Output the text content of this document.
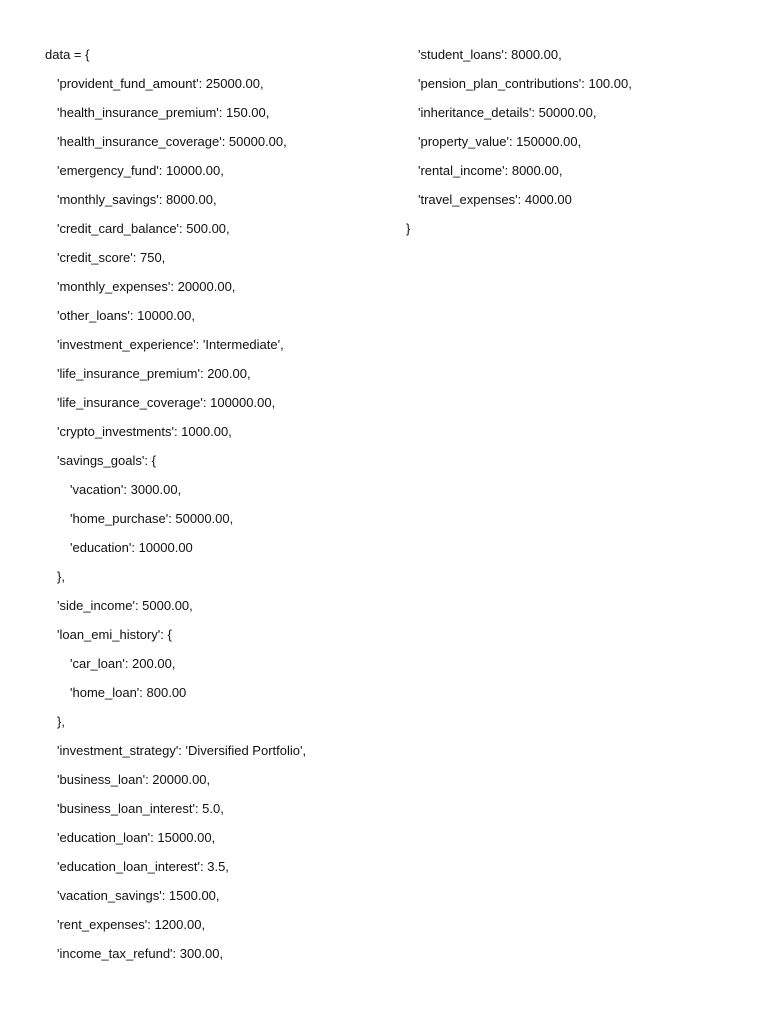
data = {
'provident_fund_amount': 25000.00,
'health_insurance_premium': 150.00,
'health_insurance_coverage': 50000.00,
'emergency_fund': 10000.00,
'monthly_savings': 8000.00,
'credit_card_balance': 500.00,
'credit_score': 750,
'monthly_expenses': 20000.00,
'other_loans': 10000.00,
'investment_experience': 'Intermediate',
'life_insurance_premium': 200.00,
'life_insurance_coverage': 100000.00,
'crypto_investments': 1000.00,
'savings_goals': {
'vacation': 3000.00,
'home_purchase': 50000.00,
'education': 10000.00
},
'side_income': 5000.00,
'loan_emi_history': {
'car_loan': 200.00,
'home_loan': 800.00
},
'investment_strategy': 'Diversified Portfolio',
'business_loan': 20000.00,
'business_loan_interest': 5.0,
'education_loan': 15000.00,
'education_loan_interest': 3.5,
'vacation_savings': 1500.00,
'rent_expenses': 1200.00,
'income_tax_refund': 300.00,
'student_loans': 8000.00,
'pension_plan_contributions': 100.00,
'inheritance_details': 50000.00,
'property_value': 150000.00,
'rental_income': 8000.00,
'travel_expenses': 4000.00
}
